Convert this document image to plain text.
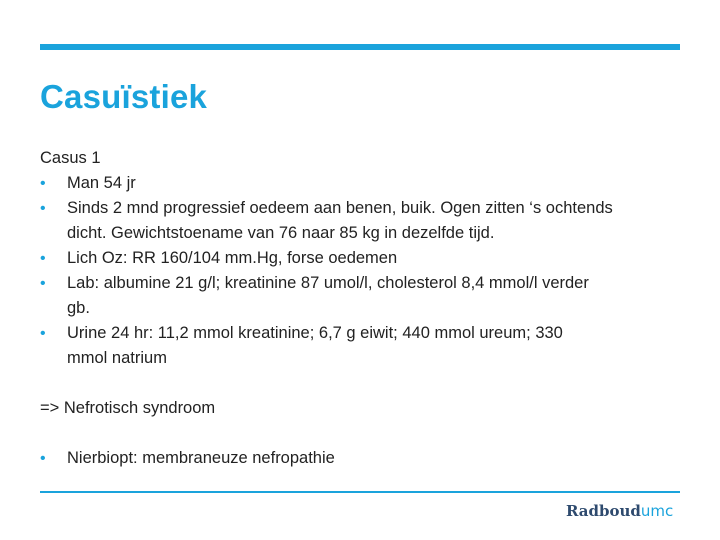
Casuïstiek
Casus 1
•	Man 54 jr
•	Sinds 2 mnd progressief oedeem aan benen, buik. Ogen zitten ‘s ochtends
dicht. Gewichtstoename van 76 naar 85 kg in dezelfde tijd.
•	Lich Oz: RR 160/104 mm.Hg, forse oedemen
•	Lab: albumine 21 g/l; kreatinine 87 umol/l, cholesterol 8,4 mmol/l verder
gb.
•	Urine 24 hr: 11,2 mmol kreatinine; 6,7 g eiwit; 440 mmol ureum; 330
mmol natrium
=> Nefrotisch syndroom
•	Nierbiopt: membraneuze nefropathie
Radboudumc
